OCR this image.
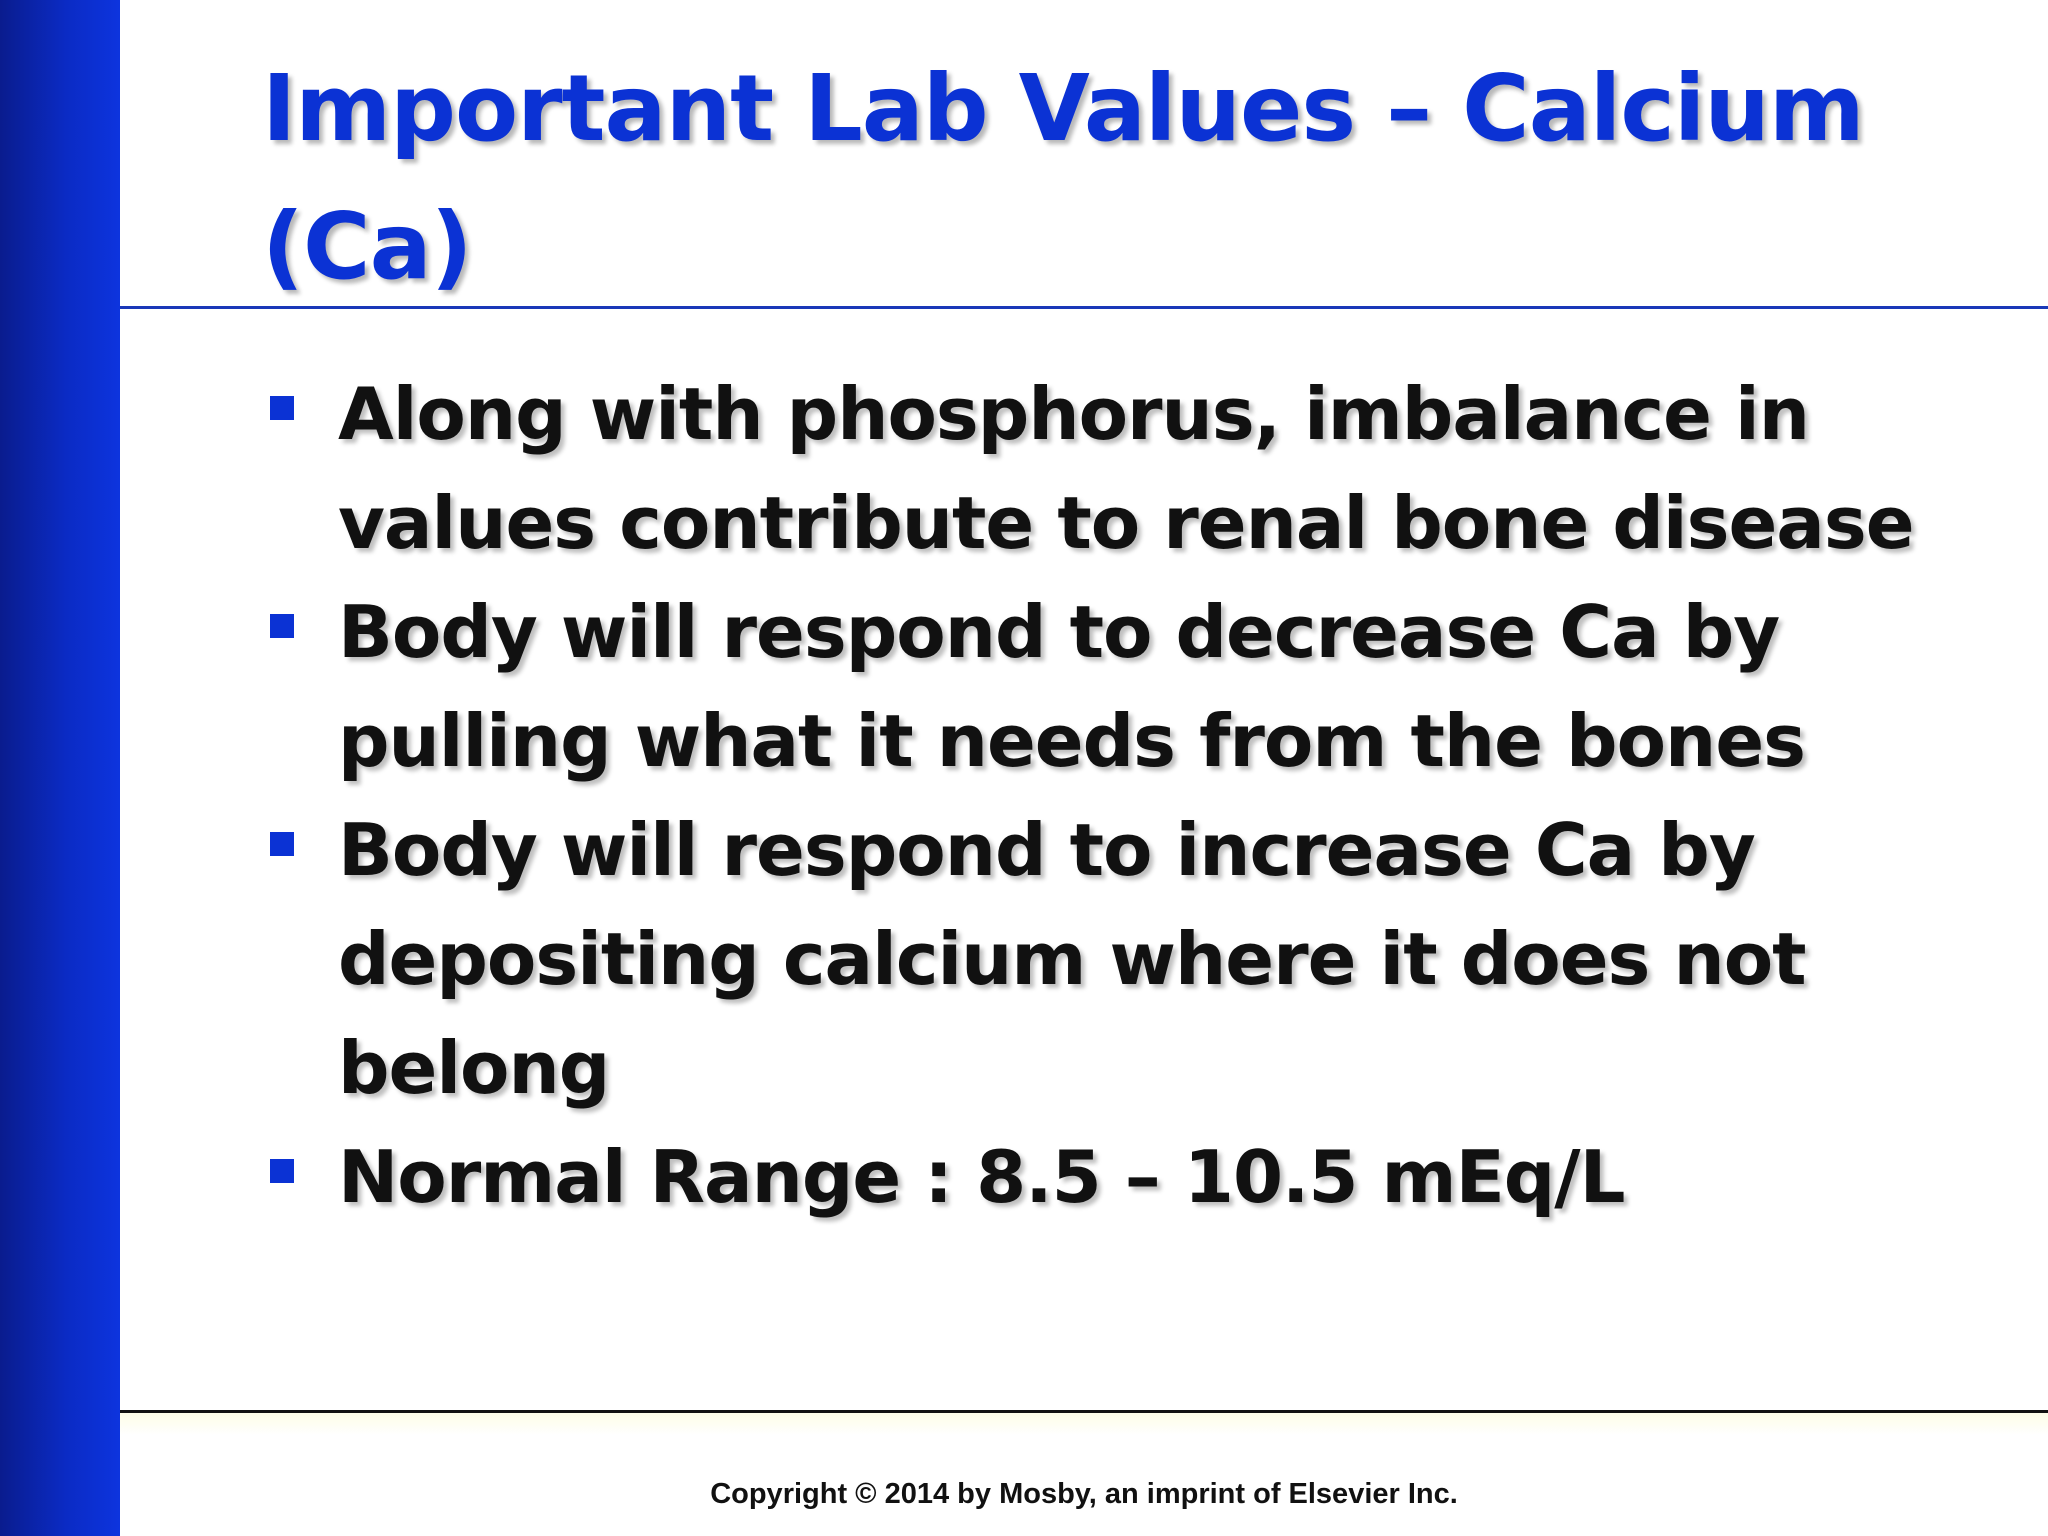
Important Lab Values – Calcium (Ca)
Along with phosphorus, imbalance in values contribute to renal bone disease
Body will respond to decrease Ca by pulling what it needs from the bones
Body will respond to increase Ca by depositing calcium where it does not belong
Normal Range : 8.5 – 10.5 mEq/L
Copyright © 2014 by Mosby, an imprint of Elsevier Inc.
